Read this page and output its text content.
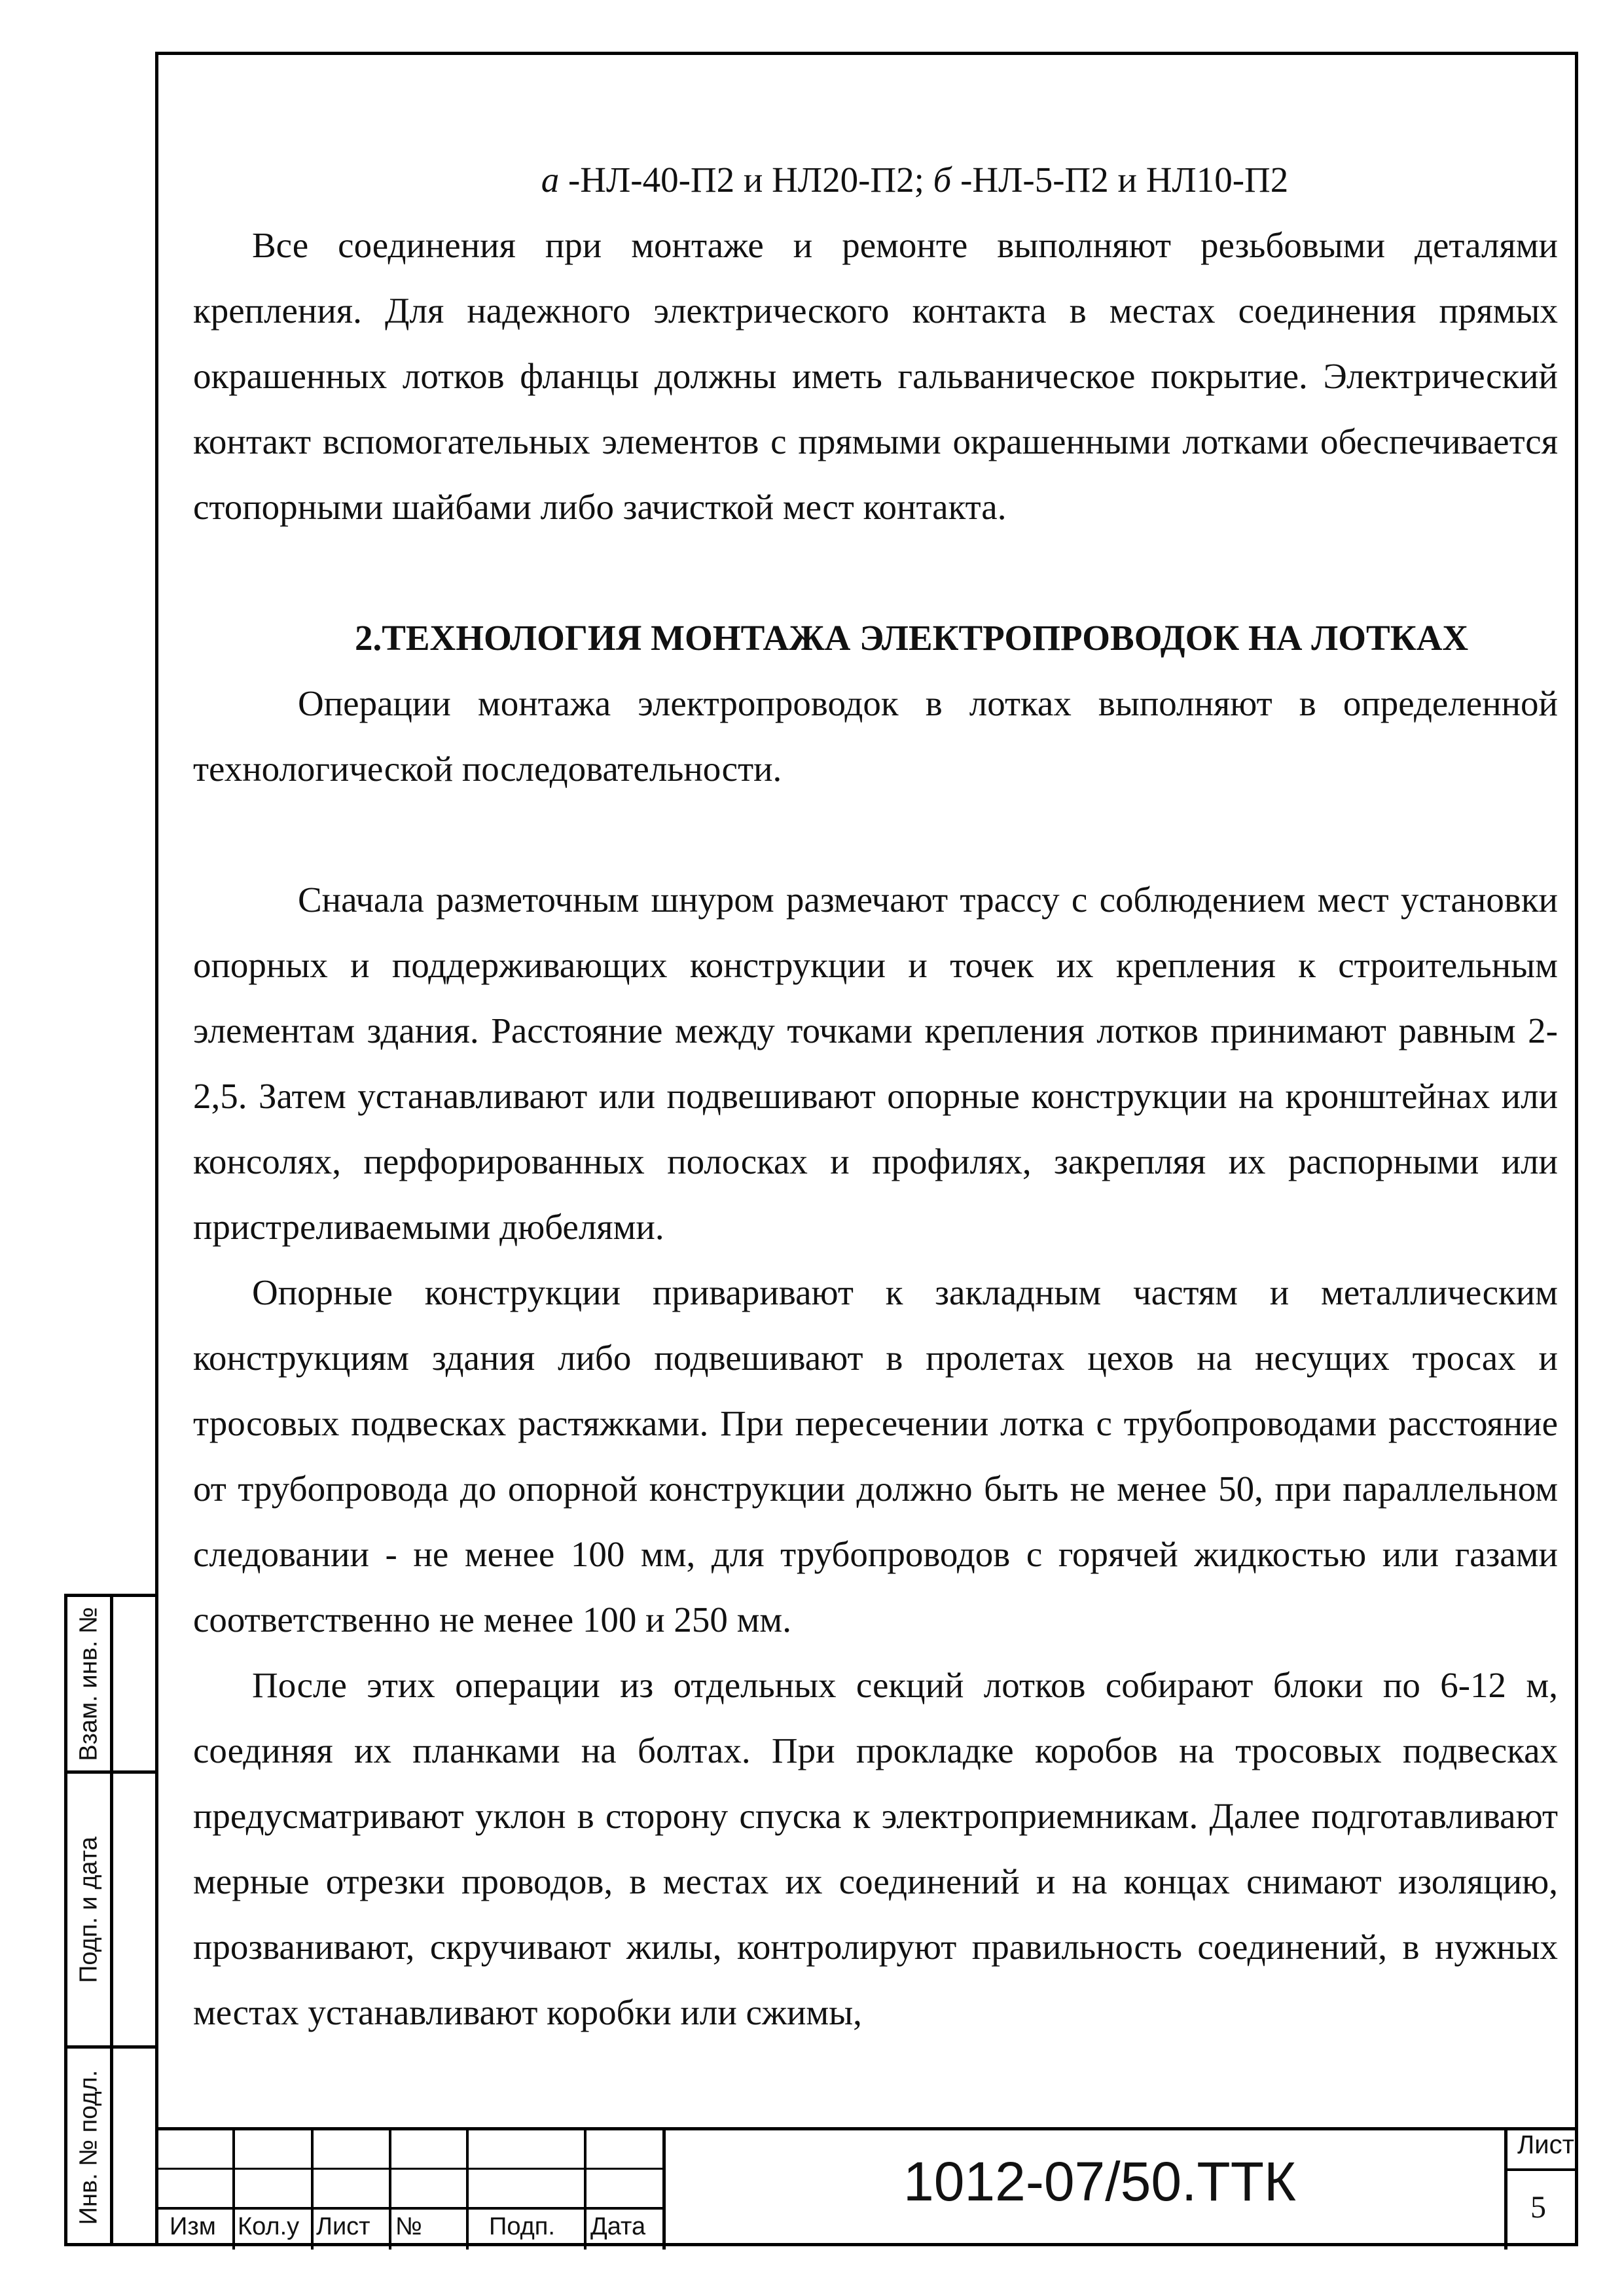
а -НЛ-40-П2 и НЛ20-П2; б -НЛ-5-П2 и НЛ10-П2

Все соединения при монтаже и ремонте выполняют резьбовыми деталями крепления. Для надежного электрического контакта в местах соединения прямых окрашенных лотков фланцы должны иметь гальваническое покрытие. Электрический контакт вспомогательных элементов с прямыми окрашенными лотками обеспечивается стопорными шайбами либо зачисткой мест контакта.

2.ТЕХНОЛОГИЯ МОНТАЖА ЭЛЕКТРОПРОВОДОК НА ЛОТКАХ

Операции монтажа электропроводок в лотках выполняют в определенной технологической последовательности.

Сначала разметочным шнуром размечают трассу с соблюдением мест установки опорных и поддерживающих конструкции и точек их крепления к строительным элементам здания. Расстояние между точками крепления лотков принимают равным 2-2,5. Затем устанавливают или подвешивают опорные конструкции на кронштейнах или консолях, перфорированных полосках и профилях, закрепляя их распорными или пристреливаемыми дюбелями.

Опорные конструкции приваривают к закладным частям и металлическим конструкциям здания либо подвешивают в пролетах цехов на несущих тросах и тросовых подвесках растяжками. При пересечении лотка с трубопроводами расстояние от трубопровода до опорной конструкции должно быть не менее 50, при параллельном следовании - не менее 100 мм, для трубопроводов с горячей жидкостью или газами соответственно не менее 100 и 250 мм.

После этих операции из отдельных секций лотков собирают блоки по 6-12 м, соединяя их планками на болтах. При прокладке коробов на тросовых подвесках предусматривают уклон в сторону спуска к электроприемникам. Далее подготавливают мерные отрезки проводов, в местах их соединений и на концах снимают изоляцию, прозванивают, скручивают жилы, контролируют правильность соединений, в нужных местах устанавливают коробки или сжимы,

Взам. инв. №
Подп. и дата
Инв. № подл.
Изм Кол.у Лист №	Подп. Дата
1012-07/50.ТТК
Лист
5
